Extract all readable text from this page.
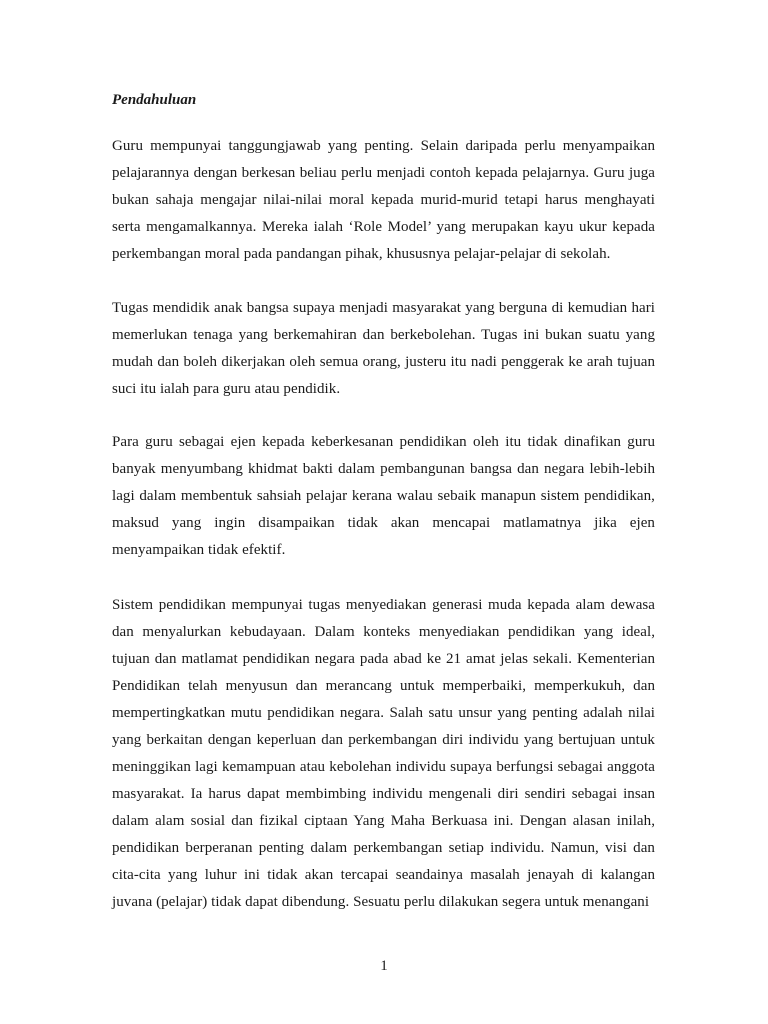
Pendahuluan

Guru mempunyai tanggungjawab yang penting. Selain daripada perlu menyampaikan pelajarannya dengan berkesan beliau perlu menjadi contoh kepada pelajarnya. Guru juga bukan sahaja mengajar nilai-nilai moral kepada murid-murid tetapi harus menghayati serta mengamalkannya. Mereka ialah ‘Role Model’ yang merupakan kayu ukur kepada perkembangan moral pada pandangan pihak, khususnya pelajar-pelajar di sekolah.

Tugas mendidik anak bangsa supaya menjadi masyarakat yang berguna di kemudian hari memerlukan tenaga yang berkemahiran dan berkebolehan. Tugas ini bukan suatu yang mudah dan boleh dikerjakan oleh semua orang, justeru itu nadi penggerak ke arah tujuan suci itu ialah para guru atau pendidik.

Para guru sebagai ejen kepada keberkesanan pendidikan oleh itu tidak dinafikan guru banyak menyumbang khidmat bakti dalam pembangunan bangsa dan negara lebih-lebih lagi dalam membentuk sahsiah pelajar kerana walau sebaik manapun sistem pendidikan, maksud yang ingin disampaikan tidak akan mencapai matlamatnya jika ejen menyampaikan tidak efektif.

Sistem pendidikan mempunyai tugas menyediakan generasi muda kepada alam dewasa dan menyalurkan kebudayaan. Dalam konteks menyediakan pendidikan yang ideal, tujuan dan matlamat pendidikan negara pada abad ke 21 amat jelas sekali. Kementerian Pendidikan telah menyusun dan merancang untuk memperbaiki, memperkukuh, dan mempertingkatkan mutu pendidikan negara. Salah satu unsur yang penting adalah nilai yang berkaitan dengan keperluan dan perkembangan diri individu yang bertujuan untuk meninggikan lagi kemampuan atau kebolehan individu supaya berfungsi sebagai anggota masyarakat. Ia harus dapat membimbing individu mengenali diri sendiri sebagai insan dalam alam sosial dan fizikal ciptaan Yang Maha Berkuasa ini. Dengan alasan inilah, pendidikan berperanan penting dalam perkembangan setiap individu. Namun, visi dan cita-cita yang luhur ini tidak akan tercapai seandainya masalah jenayah di kalangan juvana (pelajar) tidak dapat dibendung. Sesuatu perlu dilakukan segera untuk menangani

1
